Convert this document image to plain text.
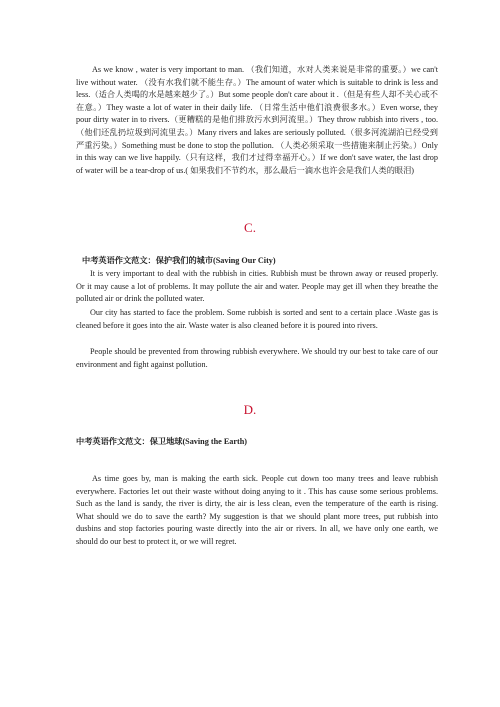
As we know , water is very important to man. （我们知道，水对人类来说是非常的重要。）we can't live without water. （没有水我们就不能生存。）The amount of water which is suitable to drink is less and less.（适合人类喝的水是越来越少了。）But some people don't care about it .（但是有些人却不关心或不在意。）They waste a lot of water in their daily life. （日常生活中他们浪费很多水。）Even worse, they pour dirty water in to rivers.（更糟糕的是他们排放污水到河流里。）They throw rubbish into rivers , too.（他们还乱扔垃圾到河流里去。）Many rivers and lakes are seriously polluted.（很多河流湖泊已经受到严重污染。）Something must be done to stop the pollution. （人类必须采取一些措施来制止污染。）Only in this way can we live happily.（只有这样，我们才过得幸福开心。）If we don't save water, the last drop of water will be a tear-drop of us.( 如果我们不节约水，那么最后一滴水也许会是我们人类的眼泪)

C.

中考英语作文范文：保护我们的城市(Saving Our City)

It is very important to deal with the rubbish in cities. Rubbish must be thrown away or reused properly. Or it may cause a lot of problems. It may pollute the air and water. People may get ill when they breathe the polluted air or drink the polluted water.

Our city has started to face the problem. Some rubbish is sorted and sent to a certain place .Waste gas is cleaned before it goes into the air. Waste water is also cleaned before it is poured into rivers.

People should be prevented from throwing rubbish everywhere. We should try our best to take care of our environment and fight against pollution.

D.

中考英语作文范文：保卫地球(Saving the Earth)

As time goes by, man is making the earth sick. People cut down too many trees and leave rubbish everywhere. Factories let out their waste without doing anying to it . This has cause some serious problems. Such as the land is sandy, the river is dirty, the air is less clean, even the temperature of the earth is rising. What should we do to save the earth? My suggestion is that we should plant more trees, put rubbish into dusbins and stop factories pouring waste directly into the air or rivers. In all, we have only one earth, we should do our best to protect it, or we will regret.
